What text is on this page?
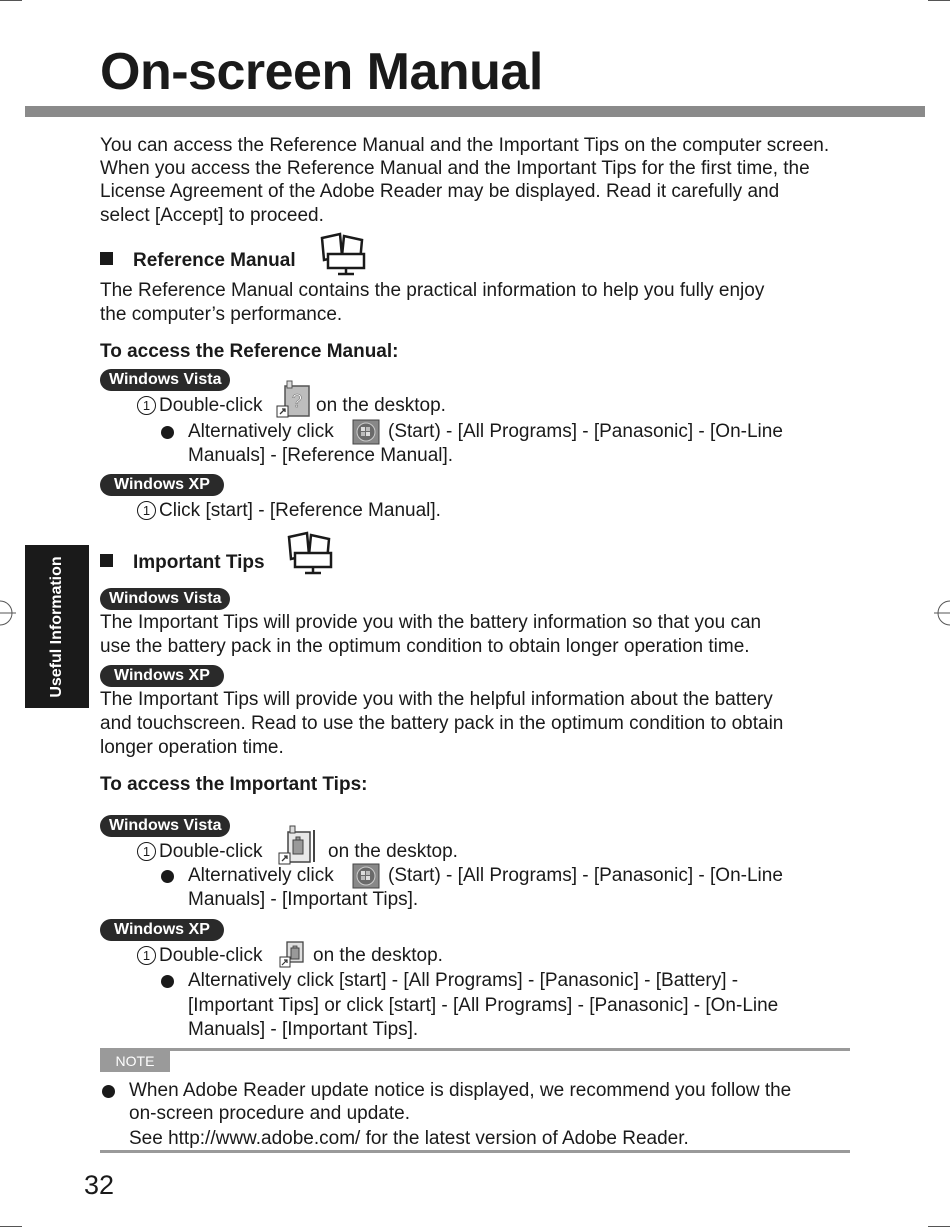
On-screen Manual
You can access the Reference Manual and the Important Tips on the computer screen.
When you access the Reference Manual and the Important Tips for the first time, the
License Agreement of the Adobe Reader may be displayed. Read it carefully and
select [Accept] to proceed.
Reference Manual
The Reference Manual contains the practical information to help you fully enjoy
the computer’s performance.
To access the Reference Manual:
Windows Vista
1 Double-click ? on the desktop.
Alternatively click	(Start) - [All Programs] - [Panasonic] - [On-Line
Manuals] - [Reference Manual].
Windows XP
1 Click [start] - [Reference Manual].
Useful Information	Important Tips
Windows Vista
The Important Tips will provide you with the battery information so that you can
use the battery pack in the optimum condition to obtain longer operation time.
Windows XP
The Important Tips will provide you with the helpful information about the battery
and touchscreen. Read to use the battery pack in the optimum condition to obtain
longer operation time.
To access the Important Tips:
Windows Vista
1 Double-click	on the desktop.
Alternatively click	(Start) - [All Programs] - [Panasonic] - [On-Line
Manuals] - [Important Tips].
Windows XP
1 Double-click	on the desktop.
Alternatively click [start] - [All Programs] - [Panasonic] - [Battery] -
[Important Tips] or click [start] - [All Programs] - [Panasonic] - [On-Line
Manuals] - [Important Tips].
NOTE
When Adobe Reader update notice is displayed, we recommend you follow the
on-screen procedure and update.
See http://www.adobe.com/ for the latest version of Adobe Reader.
32
